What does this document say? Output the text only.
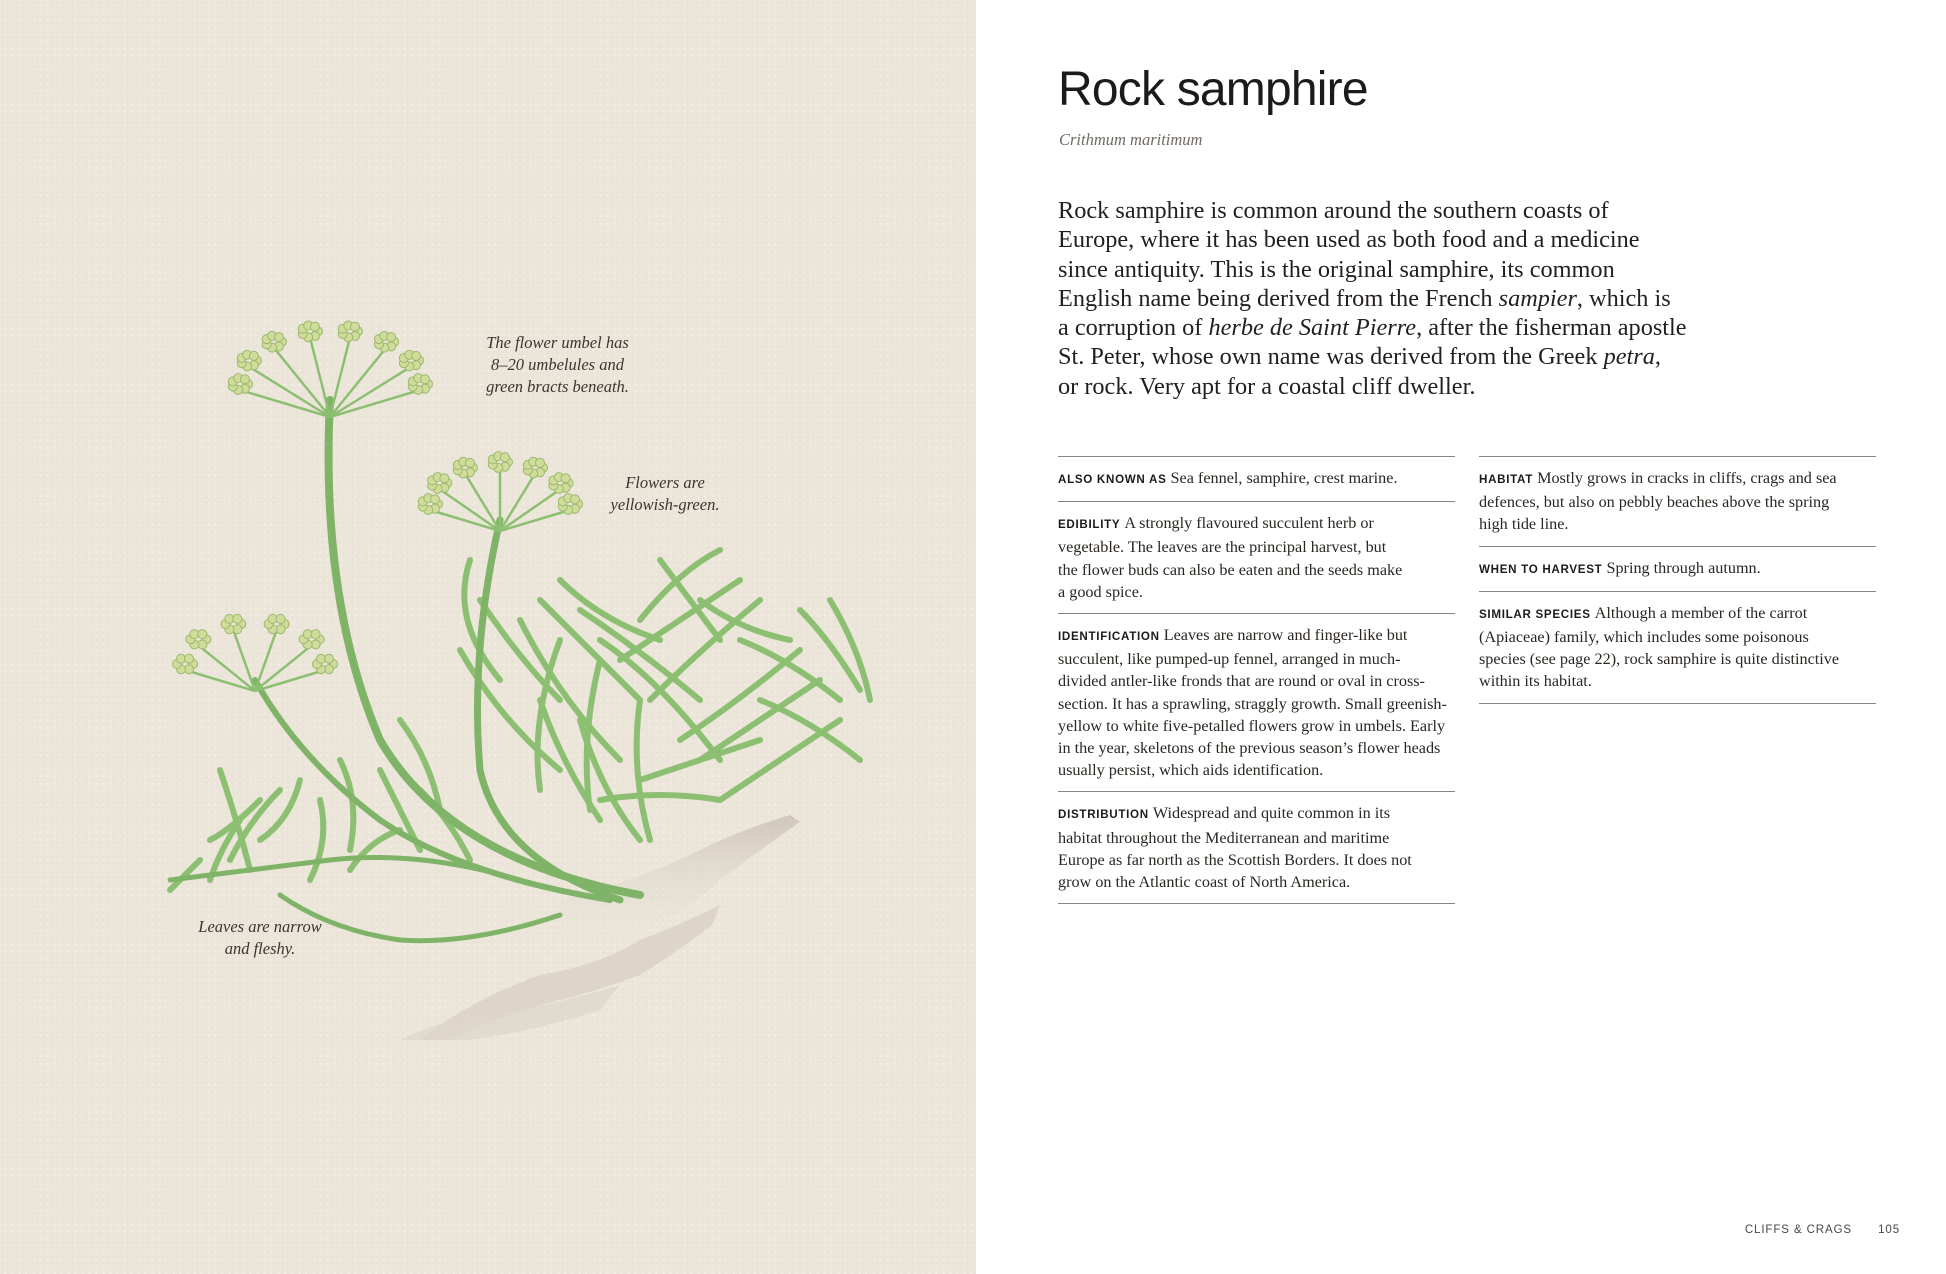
The flower umbel has
8–20 umbelules and
green bracts beneath.

Flowers are
yellowish-green.

Leaves are narrow
and fleshy.

Rock samphire

Crithmum maritimum

Rock samphire is common around the southern coasts of
Europe, where it has been used as both food and a medicine
since antiquity. This is the original samphire, its common
English name being derived from the French sampier, which is
a corruption of herbe de Saint Pierre, after the fisherman apostle
St. Peter, whose own name was derived from the Greek petra,
or rock. Very apt for a coastal cliff dweller.
ALSO KNOWN AS Sea fennel, samphire, crest marine.
EDIBILITY A strongly flavoured succulent herb or
vegetable. The leaves are the principal harvest, but
the flower buds can also be eaten and the seeds make
a good spice.
IDENTIFICATION Leaves are narrow and finger-like but
succulent, like pumped-up fennel, arranged in much-
divided antler-like fronds that are round or oval in cross-
section. It has a sprawling, straggly growth. Small greenish-
yellow to white five-petalled flowers grow in umbels. Early
in the year, skeletons of the previous season’s flower heads
usually persist, which aids identification.
DISTRIBUTION Widespread and quite common in its
habitat throughout the Mediterranean and maritime
Europe as far north as the Scottish Borders. It does not
grow on the Atlantic coast of North America.
HABITAT Mostly grows in cracks in cliffs, crags and sea
defences, but also on pebbly beaches above the spring
high tide line.
WHEN TO HARVEST Spring through autumn.
SIMILAR SPECIES Although a member of the carrot
(Apiaceae) family, which includes some poisonous
species (see page 22), rock samphire is quite distinctive
within its habitat.

CLIFFS & CRAGS 105
